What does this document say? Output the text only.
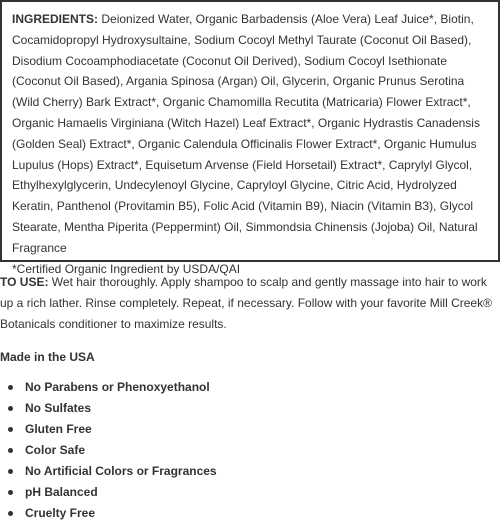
INGREDIENTS: Deionized Water, Organic Barbadensis (Aloe Vera) Leaf Juice*, Biotin, Cocamidopropyl Hydroxysultaine, Sodium Cocoyl Methyl Taurate (Coconut Oil Based), Disodium Cocoamphodiacetate (Coconut Oil Derived), Sodium Cocoyl Isethionate (Coconut Oil Based), Argania Spinosa (Argan) Oil, Glycerin, Organic Prunus Serotina (Wild Cherry) Bark Extract*, Organic Chamomilla Recutita (Matricaria) Flower Extract*, Organic Hamaelis Virginiana (Witch Hazel) Leaf Extract*, Organic Hydrastis Canadensis (Golden Seal) Extract*, Organic Calendula Officinalis Flower Extract*, Organic Humulus Lupulus (Hops) Extract*, Equisetum Arvense (Field Horsetail) Extract*, Caprylyl Glycol, Ethylhexylglycerin, Undecylenoyl Glycine, Capryloyl Glycine, Citric Acid, Hydrolyzed Keratin, Panthenol (Provitamin B5), Folic Acid (Vitamin B9), Niacin (Vitamin B3), Glycol Stearate, Mentha Piperita (Peppermint) Oil, Simmondsia Chinensis (Jojoba) Oil, Natural Fragrance
*Certified Organic Ingredient by USDA/QAI
TO USE: Wet hair thoroughly. Apply shampoo to scalp and gently massage into hair to work up a rich lather. Rinse completely. Repeat, if necessary. Follow with your favorite Mill Creek® Botanicals conditioner to maximize results.
Made in the USA
No Parabens or Phenoxyethanol
No Sulfates
Gluten Free
Color Safe
No Artificial Colors or Fragrances
pH Balanced
Cruelty Free
